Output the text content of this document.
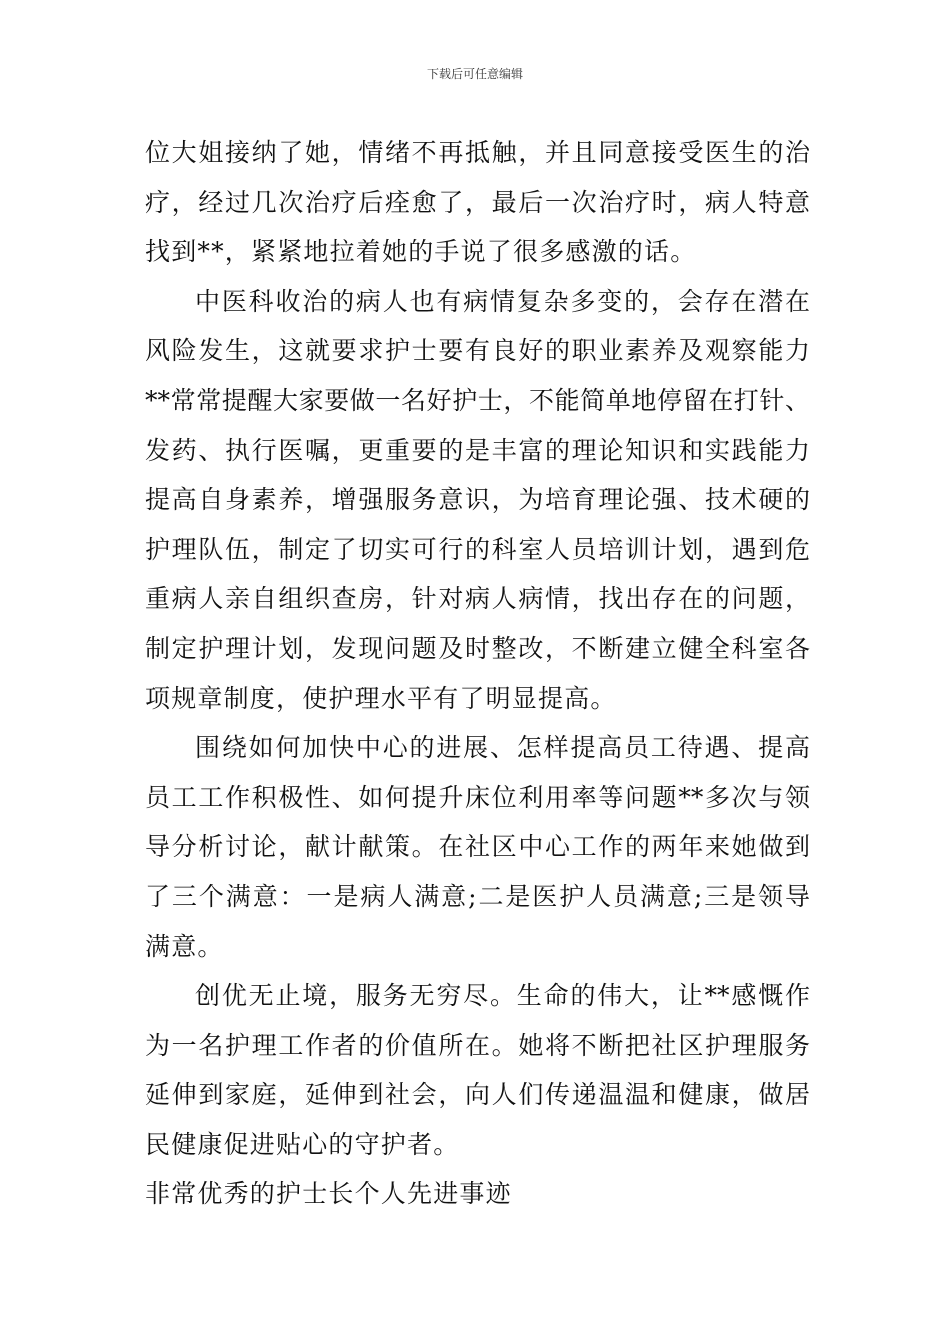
下载后可任意编辑
位大姐接纳了她，情绪不再抵触，并且同意接受医生的治
疗，经过几次治疗后痊愈了，最后一次治疗时，病人特意
找到**，紧紧地拉着她的手说了很多感激的话。
中医科收治的病人也有病情复杂多变的，会存在潜在
风险发生，这就要求护士要有良好的职业素养及观察能力
**常常提醒大家要做一名好护士，不能简单地停留在打针、
发药、执行医嘱，更重要的是丰富的理论知识和实践能力
提高自身素养，增强服务意识，为培育理论强、技术硬的
护理队伍，制定了切实可行的科室人员培训计划，遇到危
重病人亲自组织查房，针对病人病情，找出存在的问题，
制定护理计划，发现问题及时整改，不断建立健全科室各
项规章制度，使护理水平有了明显提高。
围绕如何加快中心的进展、怎样提高员工待遇、提高
员工工作积极性、如何提升床位利用率等问题**多次与领
导分析讨论，献计献策。在社区中心工作的两年来她做到
了三个满意：一是病人满意;二是医护人员满意;三是领导
满意。
创优无止境，服务无穷尽。生命的伟大，让**感慨作
为一名护理工作者的价值所在。她将不断把社区护理服务
延伸到家庭，延伸到社会，向人们传递温温和健康，做居
民健康促进贴心的守护者。
非常优秀的护士长个人先进事迹
